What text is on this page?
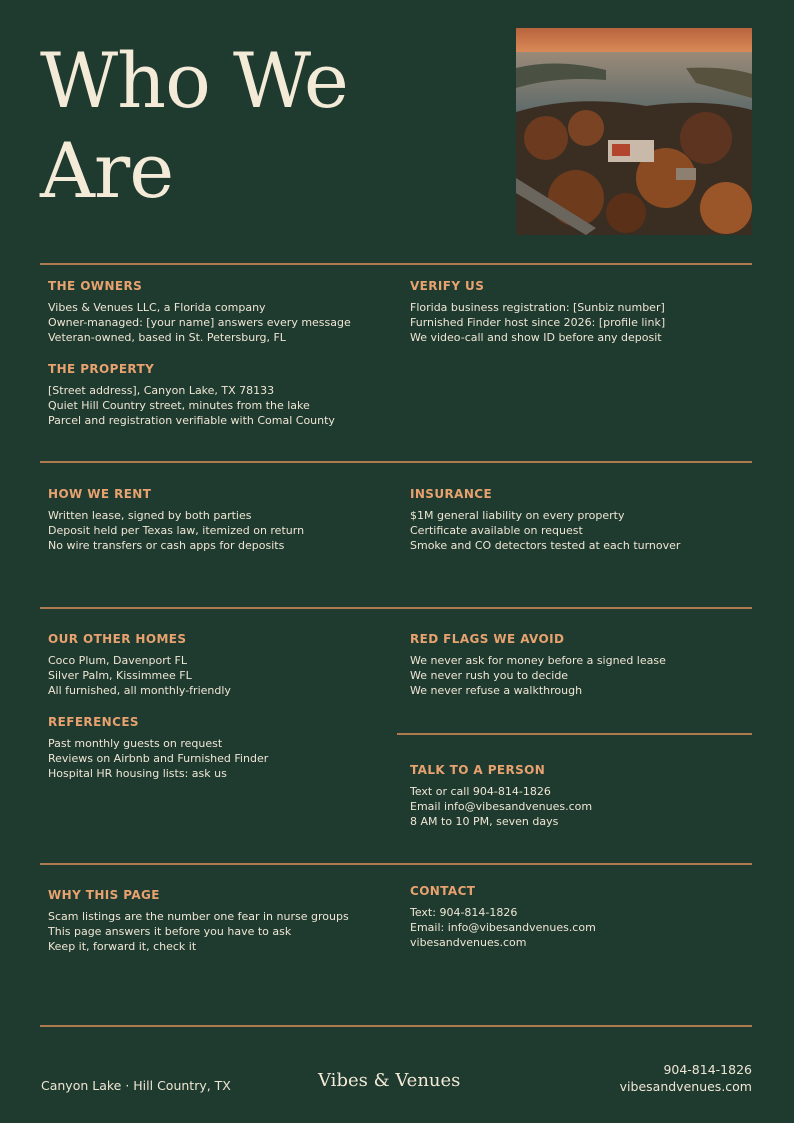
Who We
Are
THE OWNERS
Vibes & Venues LLC, a Florida company
Owner-managed: [your name] answers every message
Veteran-owned, based in St. Petersburg, FL
VERIFY US
Florida business registration: [Sunbiz number]
Furnished Finder host since 2026: [profile link]
We video-call and show ID before any deposit
THE PROPERTY
[Street address], Canyon Lake, TX 78133
Quiet Hill Country street, minutes from the lake
Parcel and registration verifiable with Comal County
HOW WE RENT
Written lease, signed by both parties
Deposit held per Texas law, itemized on return
No wire transfers or cash apps for deposits
INSURANCE
$1M general liability on every property
Certificate available on request
Smoke and CO detectors tested at each turnover
OUR OTHER HOMES
Coco Plum, Davenport FL
Silver Palm, Kissimmee FL
All furnished, all monthly-friendly
RED FLAGS WE AVOID
We never ask for money before a signed lease
We never rush you to decide
We never refuse a walkthrough
REFERENCES
Past monthly guests on request
Reviews on Airbnb and Furnished Finder
Hospital HR housing lists: ask us	TALK TO A PERSON
Text or call 904-814-1826
Email info@vibesandvenues.com
8 AM to 10 PM, seven days
WHY THIS PAGE
Scam listings are the number one fear in nurse groups
This page answers it before you have to ask
Keep it, forward it, check it
CONTACT
Text: 904-814-1826
Email: info@vibesandvenues.com
vibesandvenues.com
Canyon Lake · Hill Country, TX	Vibes & Venues
904-814-1826
vibesandvenues.com
